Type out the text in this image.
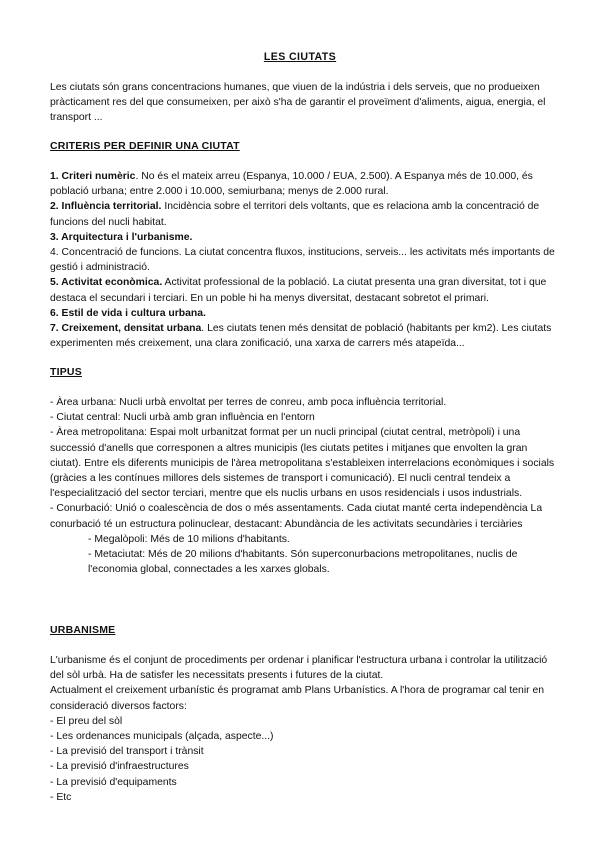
LES CIUTATS
Les ciutats són grans concentracions humanes, que viuen de la indústria i dels serveis, que no produeixen pràcticament res del que consumeixen, per això s'ha de garantir el proveïment d'aliments, aigua, energia, el transport ...
CRITERIS PER DEFINIR UNA CIUTAT
1. Criteri numèric. No és el mateix arreu (Espanya, 10.000 / EUA, 2.500). A Espanya més de 10.000, és població urbana; entre 2.000 i 10.000, semiurbana; menys de 2.000 rural.
2. Influència territorial. Incidència sobre el territori dels voltants, que es relaciona amb la concentració de funcions del nucli habitat.
3. Arquitectura i l'urbanisme.
4. Concentració de funcions. La ciutat concentra fluxos, institucions, serveis... les activitats més importants de gestió i administració.
5. Activitat econòmica. Activitat professional de la població. La ciutat presenta una gran diversitat, tot i que destaca el secundari i terciari. En un poble hi ha menys diversitat, destacant sobretot el primari.
6. Estil de vida i cultura urbana.
7. Creixement, densitat urbana. Les ciutats tenen més densitat de població (habitants per km2). Les ciutats experimenten més creixement, una clara zonificació, una xarxa de carrers més atapeïda...
TIPUS
- Àrea urbana: Nucli urbà envoltat per terres de conreu, amb poca influència territorial.
- Ciutat central: Nucli urbà amb gran influència en l'entorn
- Àrea metropolitana: Espai molt urbanitzat format per un nucli principal (ciutat central, metròpoli) i una successió d'anells que corresponen a altres municipis (les ciutats petites i mitjanes que envolten la gran ciutat). Entre els diferents municipis de l'àrea metropolitana s'estableixen interrelacions econòmiques i socials (gràcies a les contínues millores dels sistemes de transport i comunicació). El nucli central tendeix a l'especialització del sector terciari, mentre que els nuclis urbans en usos residencials i usos industrials.
- Conurbació: Unió o coalescència de dos o més assentaments. Cada ciutat manté certa independència La conurbació té un estructura polinuclear, destacant: Abundància de les activitats secundàries i terciàries
- Megalòpoli: Més de 10 milions d'habitants.
- Metaciutat: Més de 20 milions d'habitants. Són superconurbacions metropolitanes, nuclis de l'economia global, connectades a les xarxes globals.
URBANISME
L'urbanisme és el conjunt de procediments per ordenar i planificar l'estructura urbana i controlar la utilització del sòl urbà. Ha de satisfer les necessitats presents i futures de la ciutat.
Actualment el creixement urbanístic és programat amb Plans Urbanístics. A l'hora de programar cal tenir en consideració diversos factors:
- El preu del sòl
- Les ordenances municipals (alçada, aspecte...)
- La previsió del transport i trànsit
- La previsió d'infraestructures
- La previsió d'equipaments
- Etc
